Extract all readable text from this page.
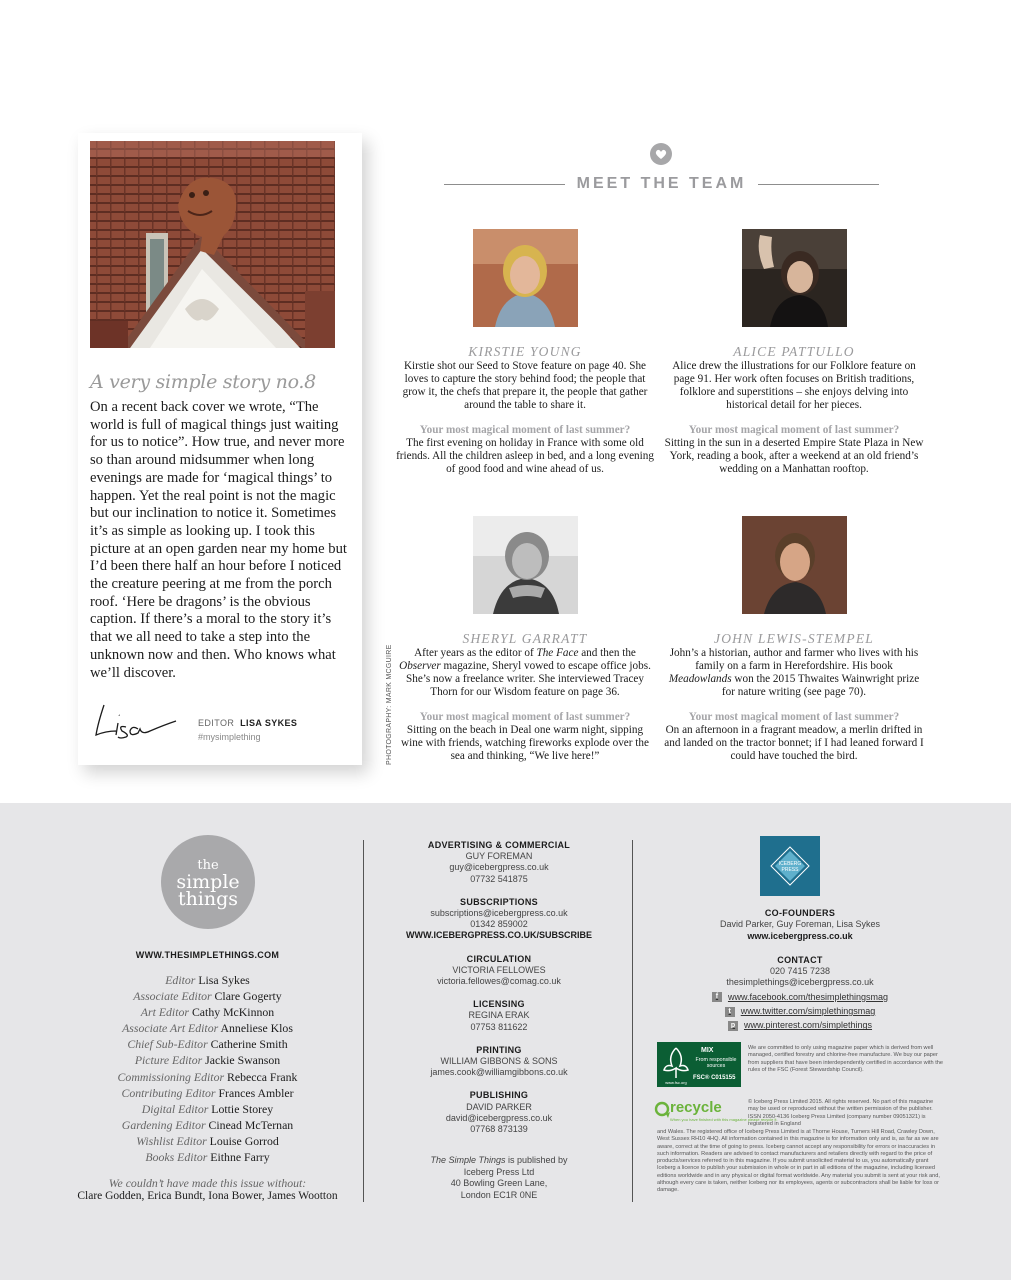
A very simple story no.8

On a recent back cover we wrote, “The world is full of magical things just waiting for us to notice”. How true, and never more so than around midsummer when long evenings are made for ‘magical things’ to happen. Yet the real point is not the magic but our inclination to notice it. Sometimes it’s as simple as looking up. I took this picture at an open garden near my home but I’d been there half an hour before I noticed the creature peering at me from the porch roof. ‘Here be dragons’ is the obvious caption. If there’s a moral to the story it’s that we all need to take a step into the unknown now and then. Who knows what we’ll discover.

EDITOR LISA SYKES
#mysimplething	PHOTOGRAPHY: MARK MCGUIRE
MEET THE TEAM
KIRSTIE YOUNG
Kirstie shot our Seed to Stove feature on page 40. She loves to capture the story behind food; the people that grow it, the chefs that prepare it, the people that gather around the table to share it.
Your most magical moment of last summer?
The first evening on holiday in France with some old friends. All the children asleep in bed, and a long evening of good food and wine ahead of us.
ALICE PATTULLO
Alice drew the illustrations for our Folklore feature on page 91. Her work often focuses on British traditions, folklore and superstitions – she enjoys delving into historical detail for her pieces.
Your most magical moment of last summer?
Sitting in the sun in a deserted Empire State Plaza in New York, reading a book, after a weekend at an old friend’s wedding on a Manhattan rooftop.
SHERYL GARRATT
After years as the editor of The Face and then the Observer magazine, Sheryl vowed to escape office jobs. She’s now a freelance writer. She interviewed Tracey Thorn for our Wisdom feature on page 36.
Your most magical moment of last summer?
Sitting on the beach in Deal one warm night, sipping wine with friends, watching fireworks explode over the sea and thinking, “We live here!”
JOHN LEWIS-STEMPEL
John’s a historian, author and farmer who lives with his family on a farm in Herefordshire. His book Meadowlands won the 2015 Thwaites Wainwright prize for nature writing (see page 70).
Your most magical moment of last summer?
On an afternoon in a fragrant meadow, a merlin drifted in and landed on the tractor bonnet; if I had leaned forward I could have touched the bird.
the
simple
things
WWW.THESIMPLETHINGS.COM
Editor Lisa Sykes
Associate Editor Clare Gogerty
Art Editor Cathy McKinnon
Associate Art Editor Anneliese Klos
Chief Sub-Editor Catherine Smith
Picture Editor Jackie Swanson
Commissioning Editor Rebecca Frank
Contributing Editor Frances Ambler
Digital Editor Lottie Storey
Gardening Editor Cinead McTernan
Wishlist Editor Louise Gorrod
Books Editor Eithne Farry
We couldn’t have made this issue without:
Clare Godden, Erica Bundt, Iona Bower, James Wootton
ADVERTISING & COMMERCIAL
GUY FOREMAN
guy@icebergpress.co.uk
07732 541875
SUBSCRIPTIONS
subscriptions@icebergpress.co.uk
01342 859002
WWW.ICEBERGPRESS.CO.UK/SUBSCRIBE
CIRCULATION
VICTORIA FELLOWES
victoria.fellowes@comag.co.uk
LICENSING
REGINA ERAK
07753 811622
PRINTING
WILLIAM GIBBONS & SONS
james.cook@williamgibbons.co.uk
PUBLISHING
DAVID PARKER
david@icebergpress.co.uk
07768 873139
The Simple Things is published by
Iceberg Press Ltd
40 Bowling Green Lane,
London EC1R 0NE
ICEBERG
PRESS
CO-FOUNDERS
David Parker, Guy Foreman, Lisa Sykes
www.icebergpress.co.uk
CONTACT
020 7415 7238
thesimplethings@icebergpress.co.uk
f	www.facebook.com/thesimplethingsmag
t	www.twitter.com/simplethingsmag
p www.pinterest.com/simplethings
www.fsc.org
MIX
From responsible sources
FSC® C015155
We are committed to only using magazine paper which is derived from well managed, certified forestry and chlorine-free manufacture. We buy our paper from suppliers that have been interdependently certified in accordance with the rules of the FSC (Forest Stewardship Council).
recycle
When you have finished with this magazine please recycle it.
© Iceberg Press Limited 2015. All rights reserved. No part of this magazine may be used or reproduced without the written permission of the publisher. ISSN 2050-4136 Iceberg Press Limited (company number 09051321) is registered in England
and Wales. The registered office of Iceberg Press Limited is at Thorne House, Turners Hill Road, Crawley Down, West Sussex RH10 4HQ. All information contained in this magazine is for information only and is, as far as we are aware, correct at the time of going to press. Iceberg cannot accept any responsibility for errors or inaccuracies in such information. Readers are advised to contact manufacturers and retailers directly with regard to the price of products/services referred to in this magazine. If you submit unsolicited material to us, you automatically grant Iceberg a licence to publish your submission in whole or in part in all editions of the magazine, including licensed editions worldwide and in any physical or digital format worldwide. Any material you submit is sent at your risk and, although every care is taken, neither Iceberg nor its employees, agents or subcontractors shall be liable for loss or damage.
